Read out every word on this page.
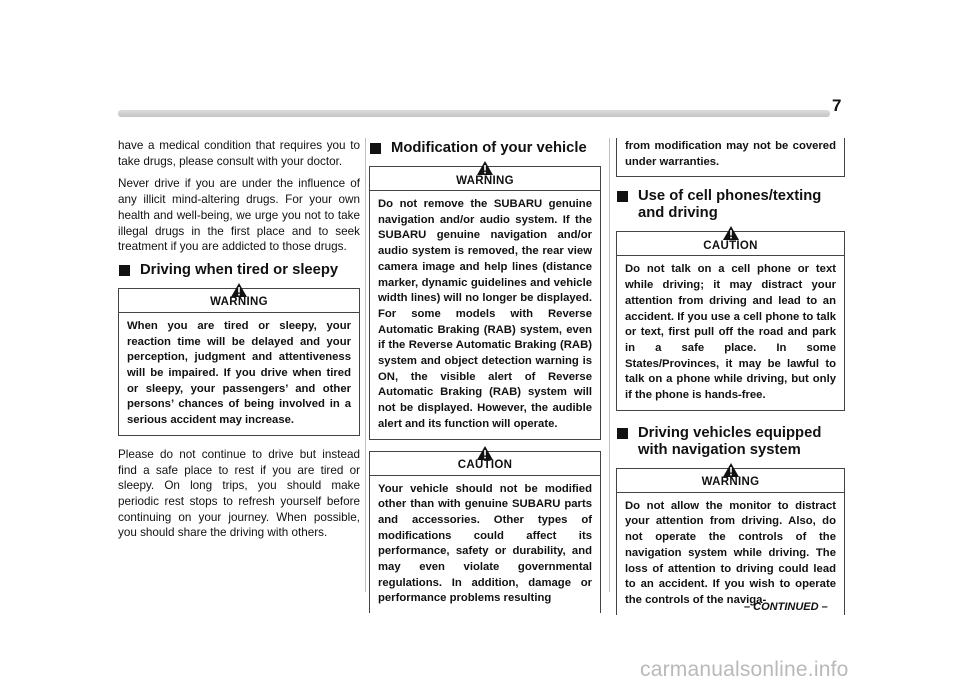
7

have a medical condition that requires you to take drugs, please consult with your doctor.

Never drive if you are under the influence of any illicit mind-altering drugs. For your own health and well-being, we urge you not to take illegal drugs in the first place and to seek treatment if you are addicted to those drugs.

Driving when tired or sleepy
WARNING
When you are tired or sleepy, your reaction time will be delayed and your perception, judgment and attentiveness will be impaired. If you drive when tired or sleepy, your passengers’ and other persons’ chances of being involved in a serious accident may increase.

Please do not continue to drive but instead find a safe place to rest if you are tired or sleepy. On long trips, you should make periodic rest stops to refresh yourself before continuing on your journey. When possible, you should share the driving with others.

Modification of your vehicle
WARNING
Do not remove the SUBARU genuine navigation and/or audio system. If the SUBARU genuine navigation and/or audio system is removed, the rear view camera image and help lines (distance marker, dynamic guidelines and vehicle width lines) will no longer be displayed. For some models with Reverse Automatic Braking (RAB) system, even if the Reverse Automatic Braking (RAB) system and object detection warning is ON, the visible alert of Reverse Automatic Braking (RAB) system will not be displayed. However, the audible alert and its function will operate.
CAUTION
Your vehicle should not be modified other than with genuine SUBARU parts and accessories. Other types of modifications could affect its performance, safety or durability, and may even violate governmental regulations. In addition, damage or performance problems resulting
from modification may not be covered under warranties.
Use of cell phones/texting and driving
CAUTION
Do not talk on a cell phone or text while driving; it may distract your attention from driving and lead to an accident. If you use a cell phone to talk or text, first pull off the road and park in a safe place. In some States/Provinces, it may be lawful to talk on a phone while driving, but only if the phone is hands-free.
Driving vehicles equipped with navigation system
WARNING
Do not allow the monitor to distract your attention from driving. Also, do not operate the controls of the navigation system while driving. The loss of attention to driving could lead to an accident. If you wish to operate the controls of the naviga-
– CONTINUED –
carmanualsonline.info
